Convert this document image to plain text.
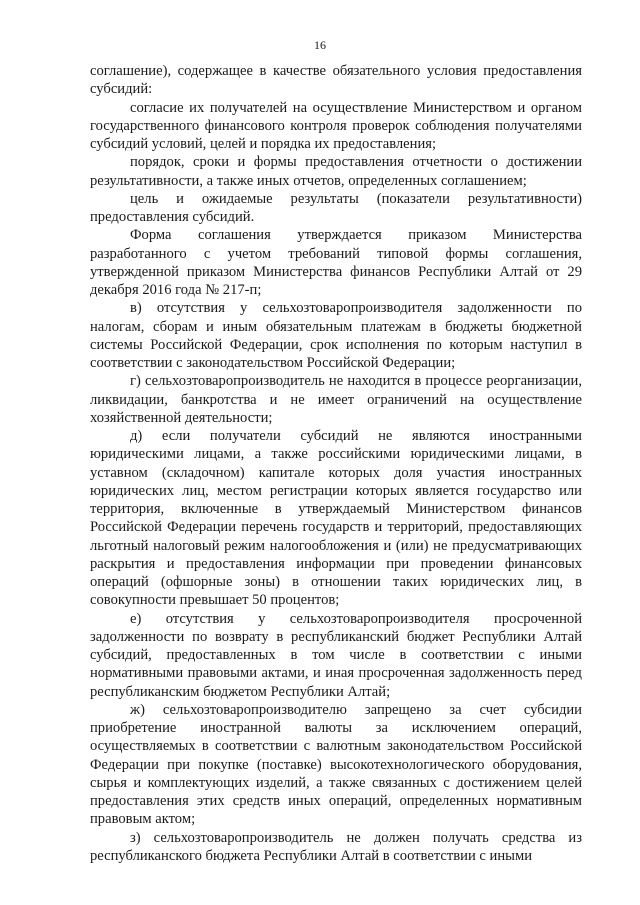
16

соглашение), содержащее в качестве обязательного условия предоставления субсидий:

согласие их получателей на осуществление Министерством и органом государственного финансового контроля проверок соблюдения получателями субсидий условий, целей и порядка их предоставления;

порядок, сроки и формы предоставления отчетности о достижении результативности, а также иных отчетов, определенных соглашением;

цель и ожидаемые результаты (показатели результативности) предоставления субсидий.

Форма соглашения утверждается приказом Министерства разработанного с учетом требований типовой формы соглашения, утвержденной приказом Министерства финансов Республики Алтай от 29 декабря 2016 года № 217-п;

в) отсутствия у сельхозтоваропроизводителя задолженности по налогам, сборам и иным обязательным платежам в бюджеты бюджетной системы Российской Федерации, срок исполнения по которым наступил в соответствии с законодательством Российской Федерации;

г) сельхозтоваропроизводитель не находится в процессе реорганизации, ликвидации, банкротства и не имеет ограничений на осуществление хозяйственной деятельности;

д) если получатели субсидий не являются иностранными юридическими лицами, а также российскими юридическими лицами, в уставном (складочном) капитале которых доля участия иностранных юридических лиц, местом регистрации которых является государство или территория, включенные в утверждаемый Министерством финансов Российской Федерации перечень государств и территорий, предоставляющих льготный налоговый режим налогообложения и (или) не предусматривающих раскрытия и предоставления информации при проведении финансовых операций (офшорные зоны) в отношении таких юридических лиц, в совокупности превышает 50 процентов;

е) отсутствия у сельхозтоваропроизводителя просроченной задолженности по возврату в республиканский бюджет Республики Алтай субсидий, предоставленных в том числе в соответствии с иными нормативными правовыми актами, и иная просроченная задолженность перед республиканским бюджетом Республики Алтай;

ж) сельхозтоваропроизводителю запрещено за счет субсидии приобретение иностранной валюты за исключением операций, осуществляемых в соответствии с валютным законодательством Российской Федерации при покупке (поставке) высокотехнологического оборудования, сырья и комплектующих изделий, а также связанных с достижением целей предоставления этих средств иных операций, определенных нормативным правовым актом;

з) сельхозтоваропроизводитель не должен получать средства из республиканского бюджета Республики Алтай в соответствии с иными
